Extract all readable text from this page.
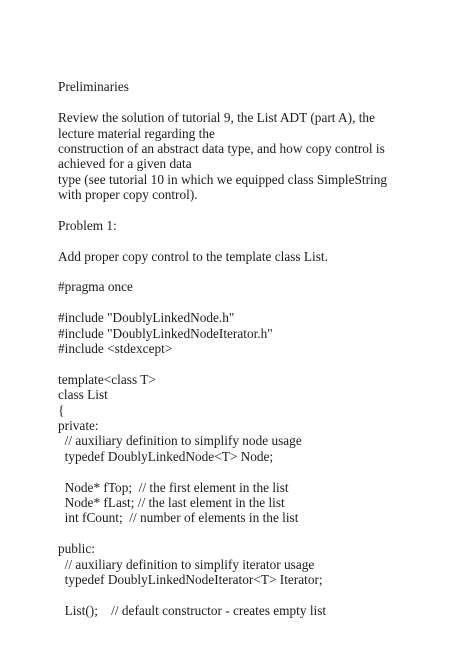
Preliminaries
Review the solution of tutorial 9, the List ADT (part A), the
lecture material regarding the
construction of an abstract data type, and how copy control is
achieved for a given data
type (see tutorial 10 in which we equipped class SimpleString
with proper copy control).
Problem 1:
Add proper copy control to the template class List.
#pragma once
#include "DoublyLinkedNode.h"
#include "DoublyLinkedNodeIterator.h"
#include <stdexcept>
template<class T>
class List
{
private:
// auxiliary definition to simplify node usage
typedef DoublyLinkedNode<T> Node;
Node* fTop;  // the first element in the list
Node* fLast; // the last element in the list
int fCount;  // number of elements in the list
public:
// auxiliary definition to simplify iterator usage
typedef DoublyLinkedNodeIterator<T> Iterator;
List();    // default constructor - creates empty list
